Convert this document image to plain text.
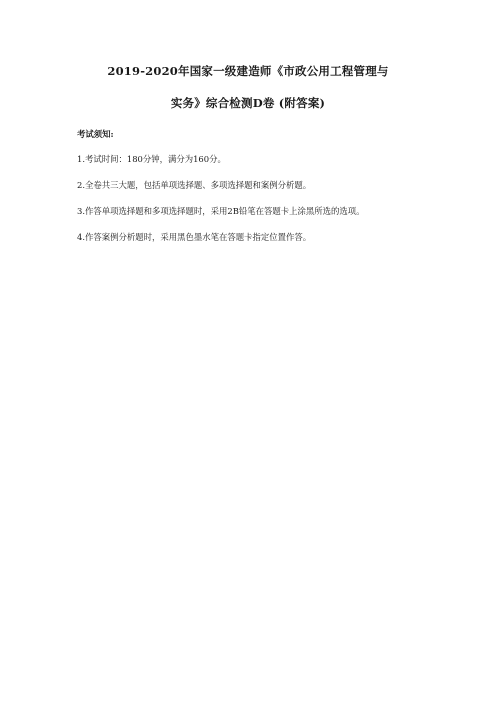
2019-2020年国家一级建造师《市政公用工程管理与
实务》综合检测D卷 (附答案)
考试须知:
1.考试时间：180分钟，满分为160分。
2.全卷共三大题，包括单项选择题、多项选择题和案例分析题。
3.作答单项选择题和多项选择题时，采用2B铅笔在答题卡上涂黑所选的选项。
4.作答案例分析题时，采用黑色墨水笔在答题卡指定位置作答。
